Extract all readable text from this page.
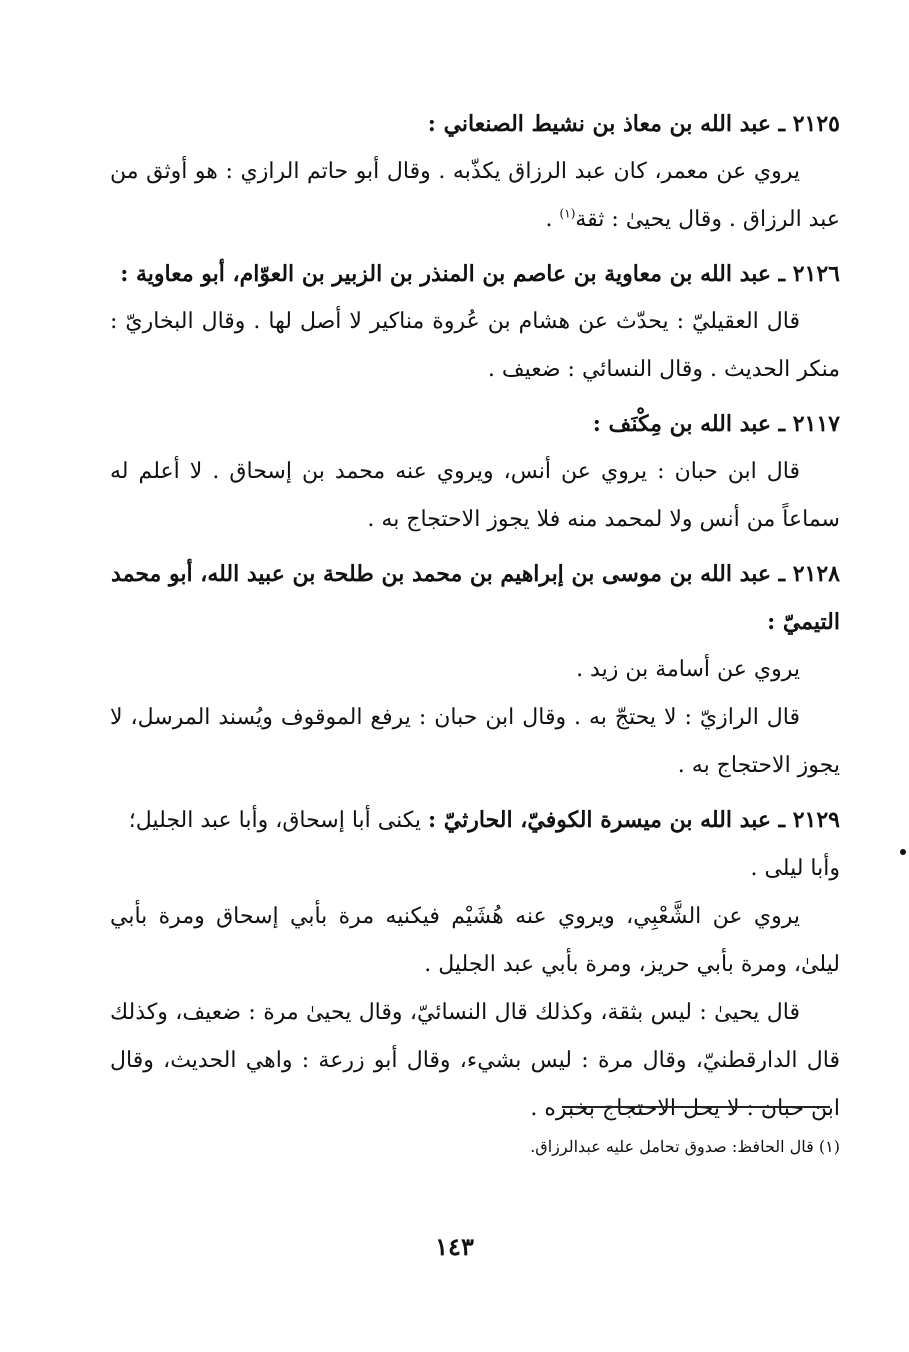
٢١٢٥ ـ عبد الله بن معاذ بن نشيط الصنعاني :

يروي عن معمر، كان عبد الرزاق يكذّبه . وقال أبو حاتم الرازي : هو أوثق من عبد الرزاق . وقال يحيىٰ : ثقة$^{(١)}$ .

٢١٢٦ ـ عبد الله بن معاوية بن عاصم بن المنذر بن الزبير بن العوّام، أبو معاوية :

قال العقيليّ : يحدّث عن هشام بن عُروة مناكير لا أصل لها . وقال البخاريّ : منكر الحديث . وقال النسائي : ضعيف .

٢١١٧ ـ عبد الله بن مِكْنَف :

قال ابن حبان : يروي عن أنس، ويروي عنه محمد بن إسحاق . لا أعلم له سماعاً من أنس ولا لمحمد منه فلا يجوز الاحتجاج به .

٢١٢٨ ـ عبد الله بن موسى بن إبراهيم بن محمد بن طلحة بن عبيد الله، أبو محمد التيميّ :

يروي عن أسامة بن زيد .

قال الرازيّ : لا يحتجّ به . وقال ابن حبان : يرفع الموقوف ويُسند المرسل، لا يجوز الاحتجاج به .

٢١٢٩ ـ عبد الله بن ميسرة الكوفيّ، الحارثيّ : يكنى أبا إسحاق، وأبا عبد الجليل؛ وأبا ليلى .

يروي عن الشَّعْبِي، ويروي عنه هُشَيْم فيكنيه مرة بأبي إسحاق ومرة بأبي ليلىٰ، ومرة بأبي حريز، ومرة بأبي عبد الجليل .

قال يحيىٰ : ليس بثقة، وكذلك قال النسائيّ، وقال يحيىٰ مرة : ضعيف، وكذلك قال الدارقطنيّ، وقال مرة : ليس بشيء، وقال أبو زرعة : واهي الحديث، وقال ابن حبان : لا يحل الاحتجاج بخبره .

(١) قال الحافظ: صدوق تحامل عليه عبدالرزاق.
١٤٣
